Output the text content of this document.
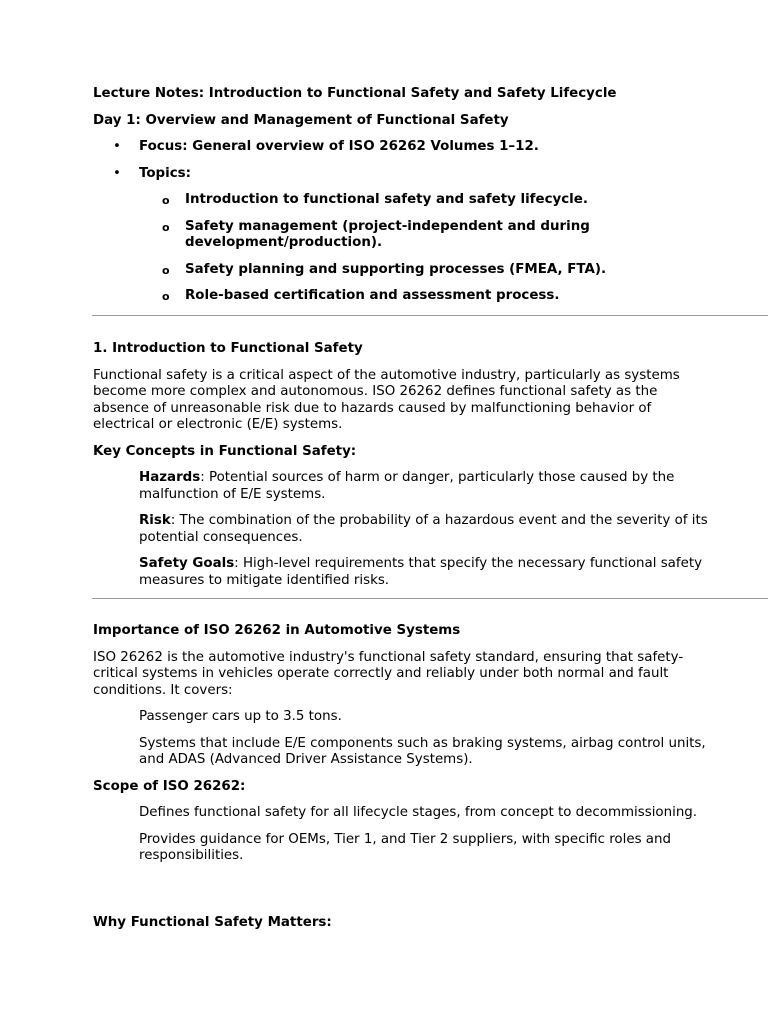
Lecture Notes: Introduction to Functional Safety and Safety Lifecycle

Day 1: Overview and Management of Functional Safety

• Focus: General overview of ISO 26262 Volumes 1–12.
• Topics:
o Introduction to functional safety and safety lifecycle.
o Safety management (project-independent and during development/production).
o Safety planning and supporting processes (FMEA, FTA).
o Role-based certification and assessment process.

1. Introduction to Functional Safety

Functional safety is a critical aspect of the automotive industry, particularly as systems become more complex and autonomous. ISO 26262 defines functional safety as the absence of unreasonable risk due to hazards caused by malfunctioning behavior of electrical or electronic (E/E) systems.

Key Concepts in Functional Safety:

Hazards: Potential sources of harm or danger, particularly those caused by the malfunction of E/E systems.

Risk: The combination of the probability of a hazardous event and the severity of its potential consequences.

Safety Goals: High-level requirements that specify the necessary functional safety measures to mitigate identified risks.

Importance of ISO 26262 in Automotive Systems

ISO 26262 is the automotive industry's functional safety standard, ensuring that safety-critical systems in vehicles operate correctly and reliably under both normal and fault conditions. It covers:

Passenger cars up to 3.5 tons.

Systems that include E/E components such as braking systems, airbag control units, and ADAS (Advanced Driver Assistance Systems).

Scope of ISO 26262:

Defines functional safety for all lifecycle stages, from concept to decommissioning.

Provides guidance for OEMs, Tier 1, and Tier 2 suppliers, with specific roles and responsibilities.

Why Functional Safety Matters:
